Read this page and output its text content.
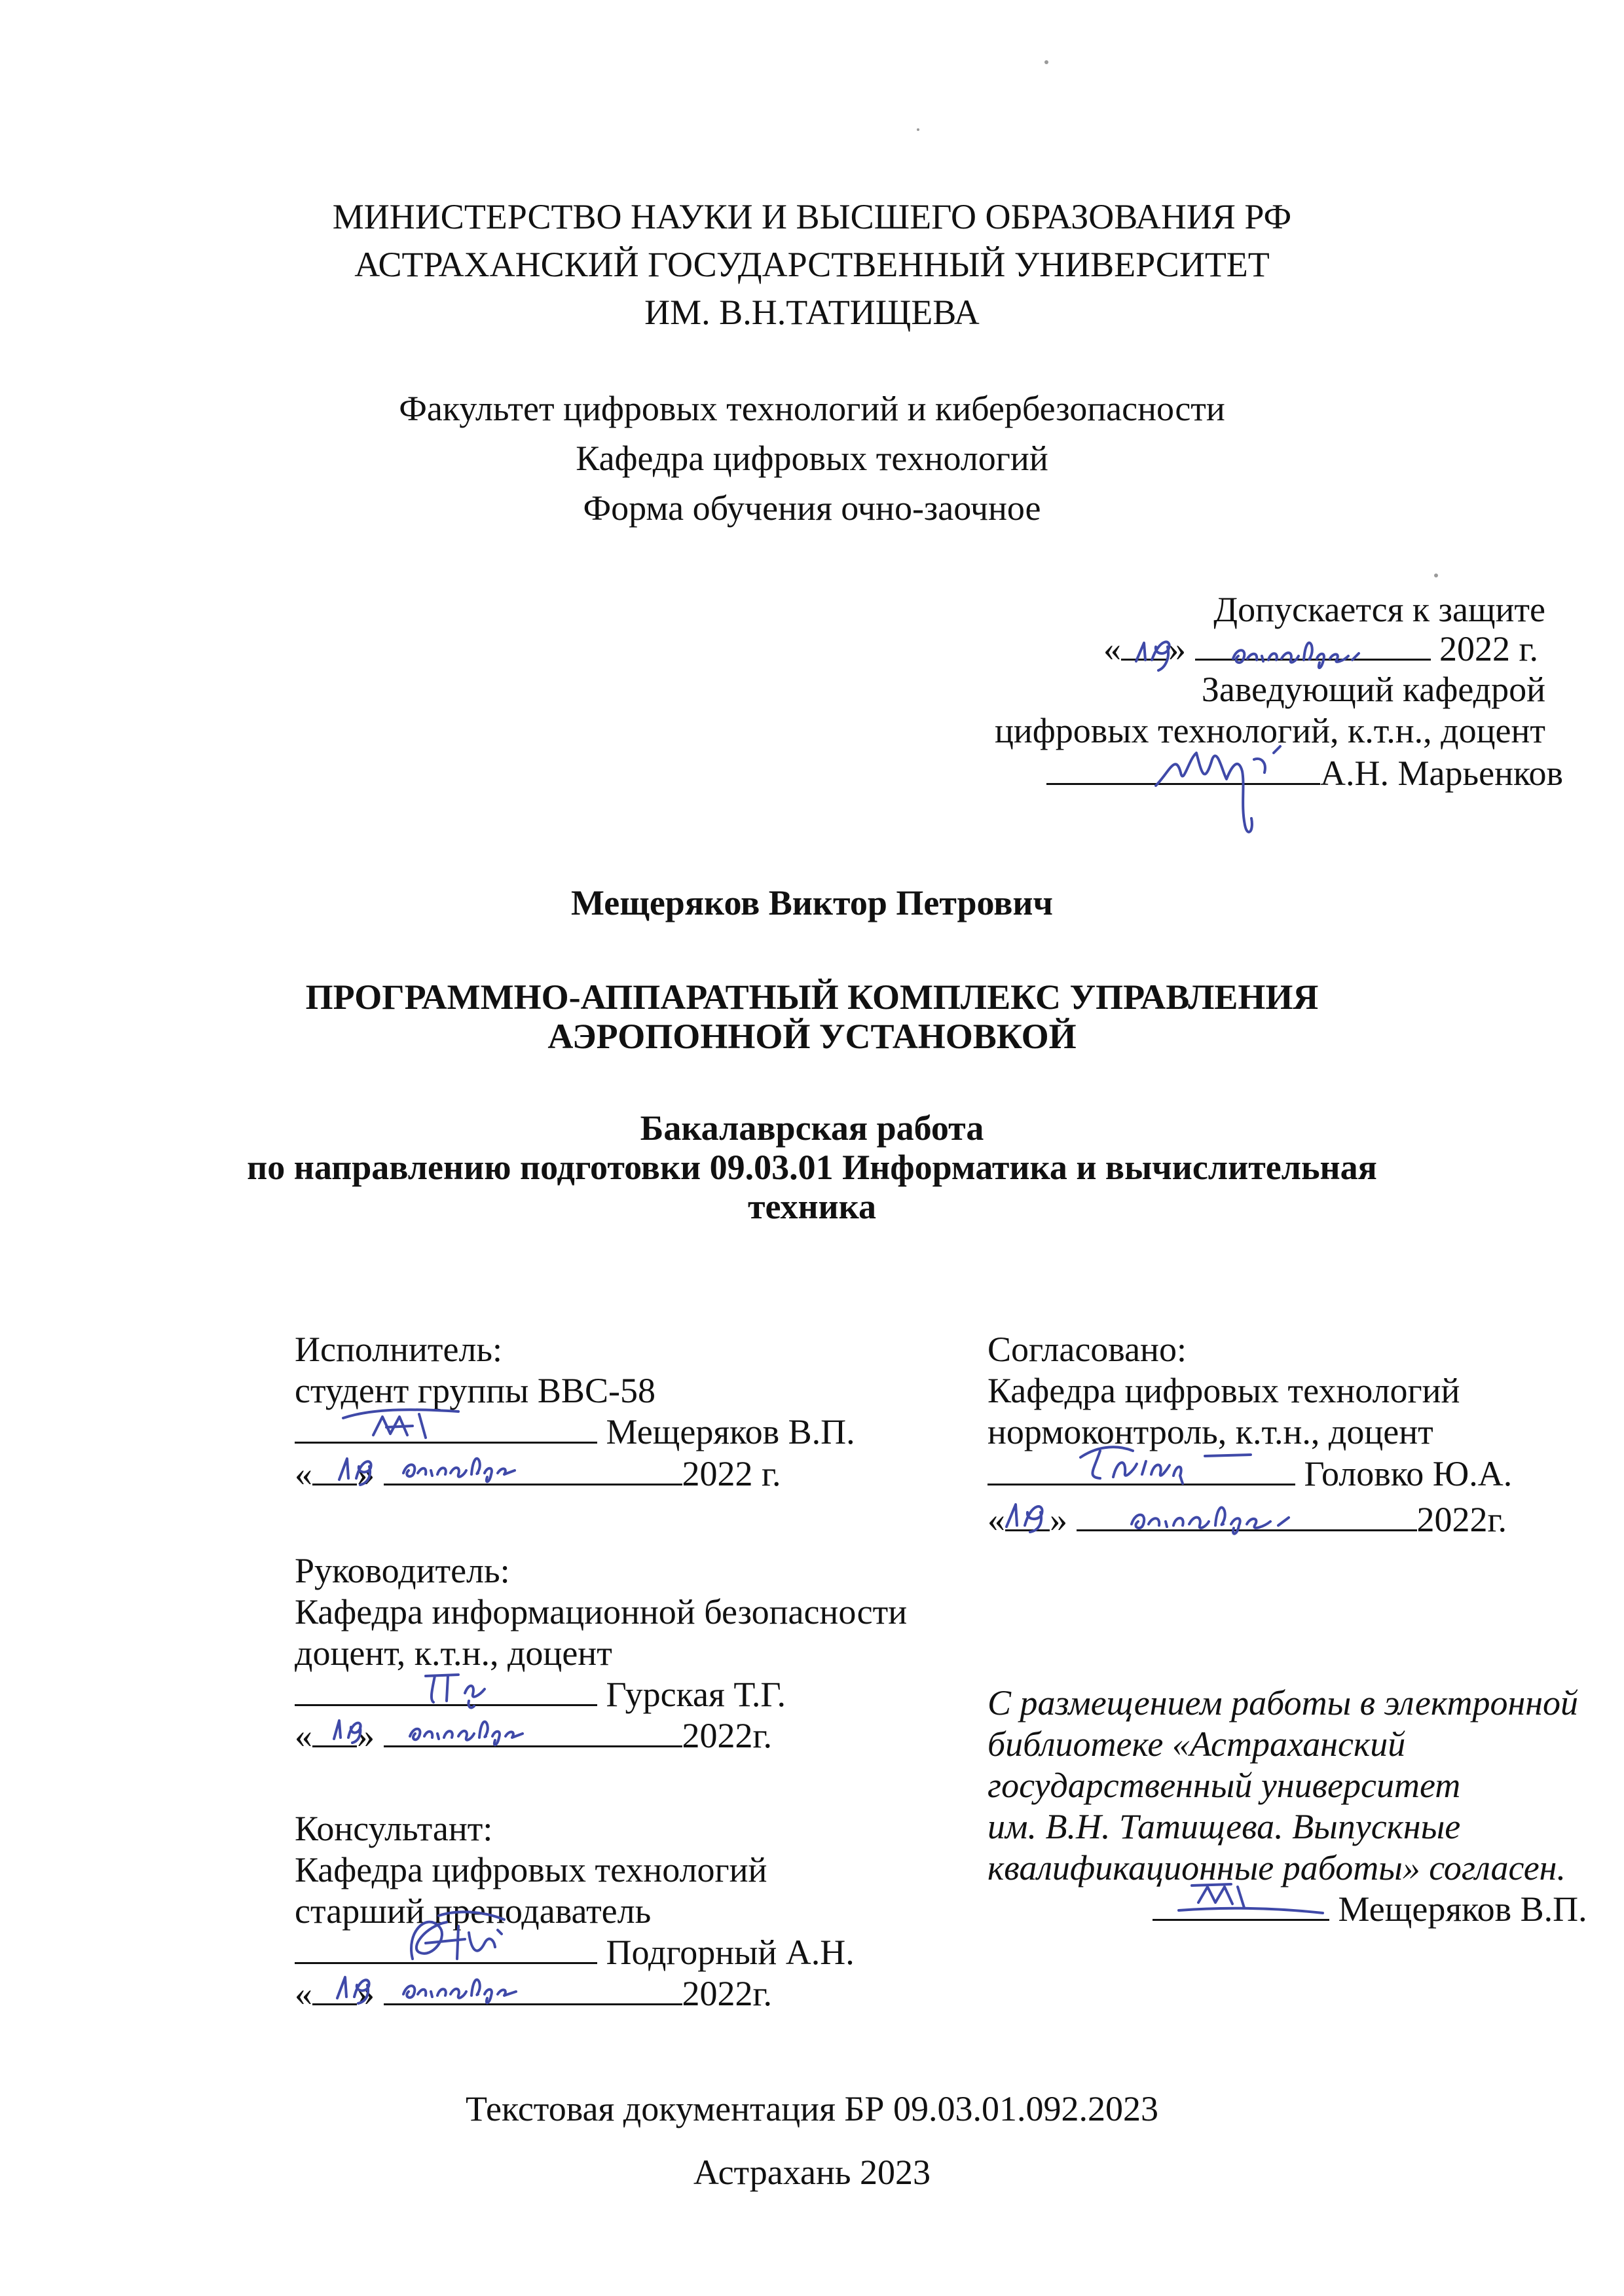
МИНИСТЕРСТВО НАУКИ И ВЫСШЕГО ОБРАЗОВАНИЯ РФ
АСТРАХАНСКИЙ ГОСУДАРСТВЕННЫЙ УНИВЕРСИТЕТ
ИМ. В.Н.ТАТИЩЕВА
Факультет цифровых технологий и кибербезопасности
Кафедра цифровых технологий
Форма обучения очно-заочное
Допускается к защите
« »	2022 г.
Заведующий кафедрой
цифровых технологий, к.т.н., доцент
А.Н. Марьенков
Мещеряков Виктор Петрович
ПРОГРАММНО-АППАРАТНЫЙ КОМПЛЕКС УПРАВЛЕНИЯ
АЭРОПОННОЙ УСТАНОВКОЙ
Бакалаврская работа
по направлению подготовки 09.03.01 Информатика и вычислительная
техника
Исполнитель:
студент группы ВВС-58
Мещеряков В.П.
« »	2022 г.
Согласовано:
Кафедра цифровых технологий
нормоконтроль, к.т.н., доцент
Головко Ю.А.
« »	2022г.
Руководитель:
Кафедра информационной безопасности
доцент, к.т.н., доцент
Гурская Т.Г.
« »	2022г.
С размещением работы в электронной
библиотеке «Астраханский
государственный университет
им. В.Н. Татищева. Выпускные
квалификационные работы» согласен.
Мещеряков В.П.
Консультант:
Кафедра цифровых технологий
старший преподаватель
Подгорный А.Н.
« »	2022г.
Текстовая документация БР 09.03.01.092.2023
Астрахань 2023
